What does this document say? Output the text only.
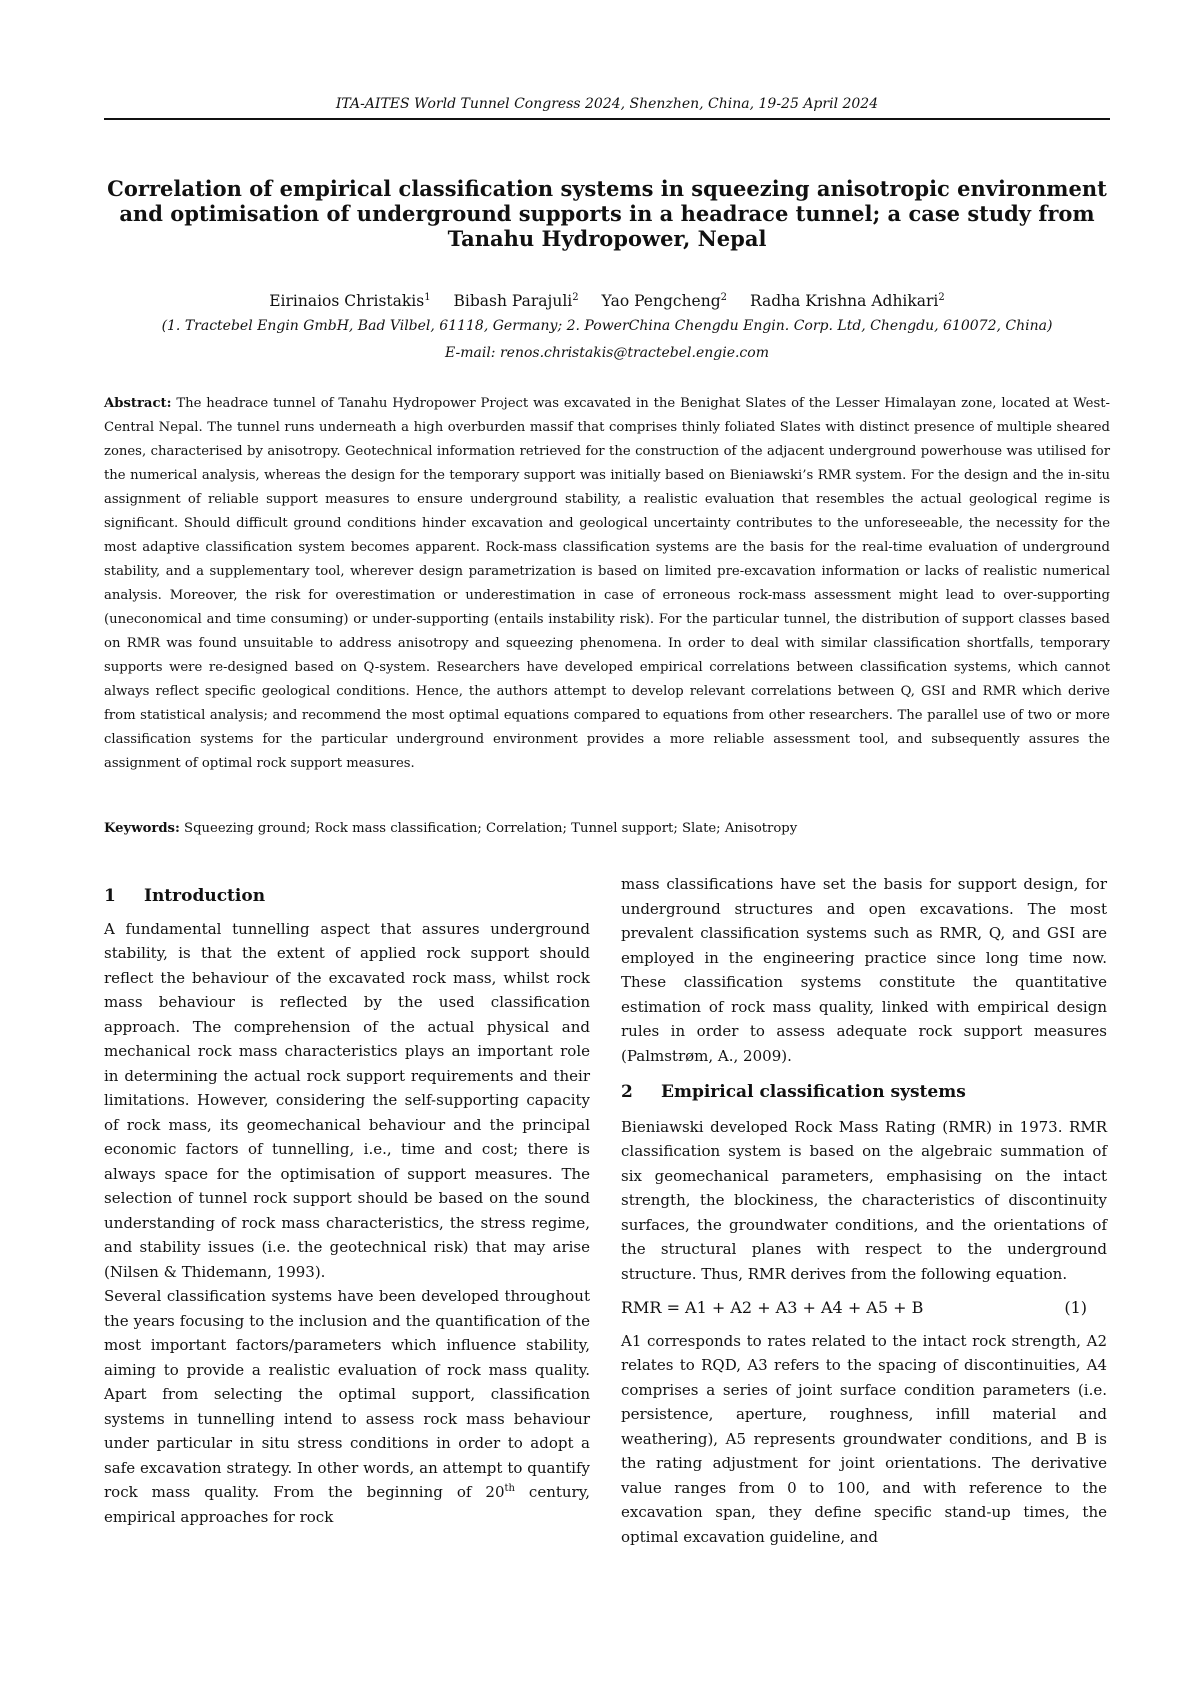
ITA-AITES World Tunnel Congress 2024, Shenzhen, China, 19-25 April 2024
Correlation of empirical classification systems in squeezing anisotropic environment and optimisation of underground supports in a headrace tunnel; a case study from Tanahu Hydropower, Nepal
Eirinaios Christakis$^1$ Bibash Parajuli$^2$ Yao Pengcheng$^2$ Radha Krishna Adhikari$^2$
(1. Tractebel Engin GmbH, Bad Vilbel, 61118, Germany; 2. PowerChina Chengdu Engin. Corp. Ltd, Chengdu, 610072, China)
E-mail: renos.christakis@tractebel.engie.com
Abstract: The headrace tunnel of Tanahu Hydropower Project was excavated in the Benighat Slates of the Lesser Himalayan zone, located at West-Central Nepal. The tunnel runs underneath a high overburden massif that comprises thinly foliated Slates with distinct presence of multiple sheared zones, characterised by anisotropy. Geotechnical information retrieved for the construction of the adjacent underground powerhouse was utilised for the numerical analysis, whereas the design for the temporary support was initially based on Bieniawski’s RMR system. For the design and the in-situ assignment of reliable support measures to ensure underground stability, a realistic evaluation that resembles the actual geological regime is significant. Should difficult ground conditions hinder excavation and geological uncertainty contributes to the unforeseeable, the necessity for the most adaptive classification system becomes apparent. Rock-mass classification systems are the basis for the real-time evaluation of underground stability, and a supplementary tool, wherever design parametrization is based on limited pre-excavation information or lacks of realistic numerical analysis. Moreover, the risk for overestimation or underestimation in case of erroneous rock-mass assessment might lead to over-supporting (uneconomical and time consuming) or under-supporting (entails instability risk). For the particular tunnel, the distribution of support classes based on RMR was found unsuitable to address anisotropy and squeezing phenomena. In order to deal with similar classification shortfalls, temporary supports were re-designed based on Q-system. Researchers have developed empirical correlations between classification systems, which cannot always reflect specific geological conditions. Hence, the authors attempt to develop relevant correlations between Q, GSI and RMR which derive from statistical analysis; and recommend the most optimal equations compared to equations from other researchers. The parallel use of two or more classification systems for the particular underground environment provides a more reliable assessment tool, and subsequently assures the assignment of optimal rock support measures.
Keywords: Squeezing ground; Rock mass classification; Correlation; Tunnel support; Slate; Anisotropy
1	Introduction

A fundamental tunnelling aspect that assures underground stability, is that the extent of applied rock support should reflect the behaviour of the excavated rock mass, whilst rock mass behaviour is reflected by the used classification approach. The comprehension of the actual physical and mechanical rock mass characteristics plays an important role in determining the actual rock support requirements and their limitations. However, considering the self-supporting capacity of rock mass, its geomechanical behaviour and the principal economic factors of tunnelling, i.e., time and cost; there is always space for the optimisation of support measures. The selection of tunnel rock support should be based on the sound understanding of rock mass characteristics, the stress regime, and stability issues (i.e. the geotechnical risk) that may arise (Nilsen & Thidemann, 1993).

Several classification systems have been developed throughout the years focusing to the inclusion and the quantification of the most important factors/parameters which influence stability, aiming to provide a realistic evaluation of rock mass quality. Apart from selecting the optimal support, classification systems in tunnelling intend to assess rock mass behaviour under particular in situ stress conditions in order to adopt a safe excavation strategy. In other words, an attempt to quantify rock mass quality. From the beginning of 20th century, empirical approaches for rock

mass classifications have set the basis for support design, for underground structures and open excavations. The most prevalent classification systems such as RMR, Q, and GSI are employed in the engineering practice since long time now. These classification systems constitute the quantitative estimation of rock mass quality, linked with empirical design rules in order to assess adequate rock support measures (Palmstrøm, A., 2009).

2	Empirical classification systems

Bieniawski developed Rock Mass Rating (RMR) in 1973. RMR classification system is based on the algebraic summation of six geomechanical parameters, emphasising on the intact strength, the blockiness, the characteristics of discontinuity surfaces, the groundwater conditions, and the orientations of the structural planes with respect to the underground structure. Thus, RMR derives from the following equation.

RMR = A1 + A2 + A3 + A4 + A5 + B	(1)

A1 corresponds to rates related to the intact rock strength, A2 relates to RQD, A3 refers to the spacing of discontinuities, A4 comprises a series of joint surface condition parameters (i.e. persistence, aperture, roughness, infill material and weathering), A5 represents groundwater conditions, and B is the rating adjustment for joint orientations. The derivative value ranges from 0 to 100, and with reference to the excavation span, they define specific stand-up times, the optimal excavation guideline, and
